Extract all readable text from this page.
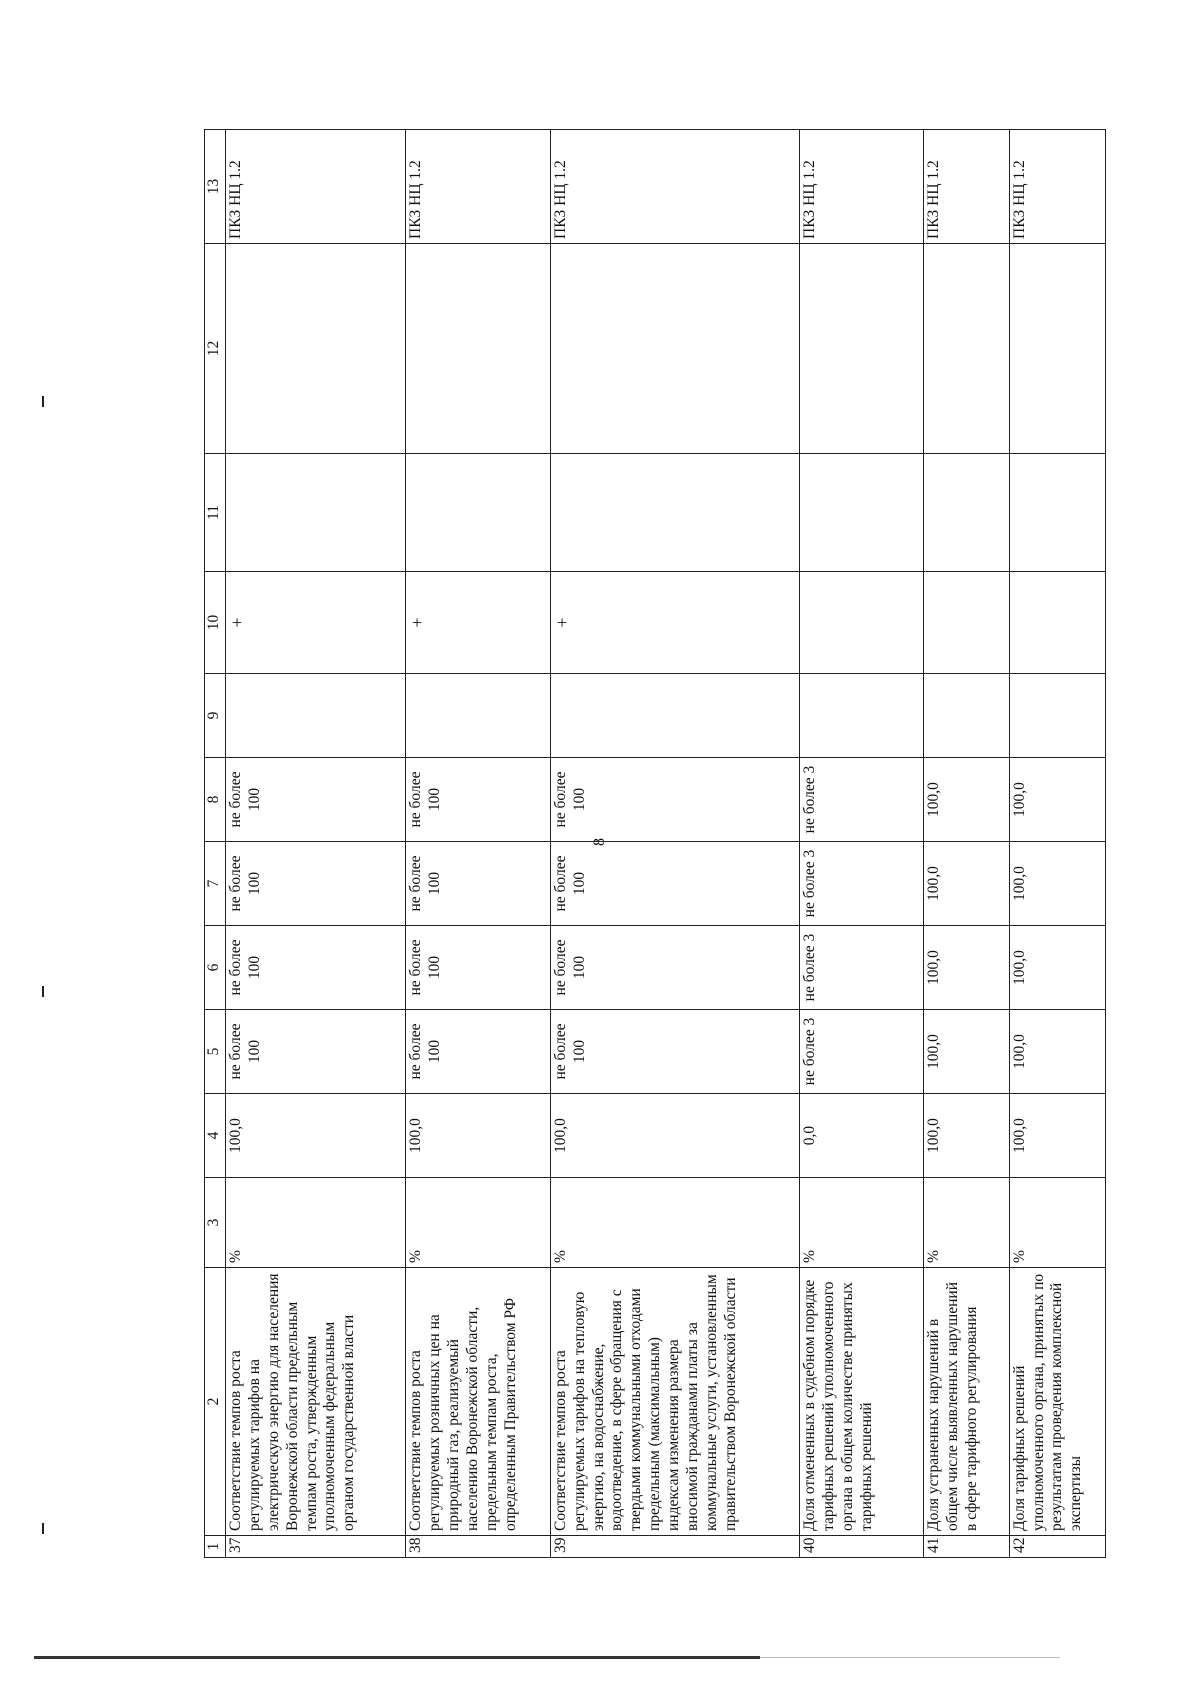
8
1	2	3	4	5	6	7	8	9	10	11	12	13
37	Соответствие темпов роста регулируемых тарифов на электрическую энергию для населения Воронежской области предельным темпам роста, утвержденным уполномоченным федеральным органом государственной власти	%	100,0	не более 100	не более 100	не более 100	не более 100		+			ПКЗ НЦ 1.2
38	Соответствие темпов роста регулируемых розничных цен на природный газ, реализуемый населению Воронежской области, предельным темпам роста, определенным Правительством РФ	%	100,0	не более 100	не более 100	не более 100	не более 100		+			ПКЗ НЦ 1.2
39	Соответствие темпов роста регулируемых тарифов на тепловую энергию, на водоснабжение, водоотведение, в сфере обращения с твердыми коммунальными отходами предельным (максимальным) индексам изменения размера вносимой гражданами платы за коммунальные услуги, установленным правительством Воронежской области	%	100,0	не более 100	не более 100	не более 100	не более 100		+			ПКЗ НЦ 1.2
40	Доля отмененных в судебном порядке тарифных решений уполномоченного органа в общем количестве принятых тарифных решений	%	0,0	не более 3	не более 3	не более 3	не более 3					ПКЗ НЦ 1.2
41	Доля устраненных нарушений в общем числе выявленных нарушений в сфере тарифного регулирования	%	100,0	100,0	100,0	100,0	100,0					ПКЗ НЦ 1.2
42	Доля тарифных решений уполномоченного органа, принятых по результатам проведения комплексной экспертизы	%	100,0	100,0	100,0	100,0	100,0					ПКЗ НЦ 1.2
